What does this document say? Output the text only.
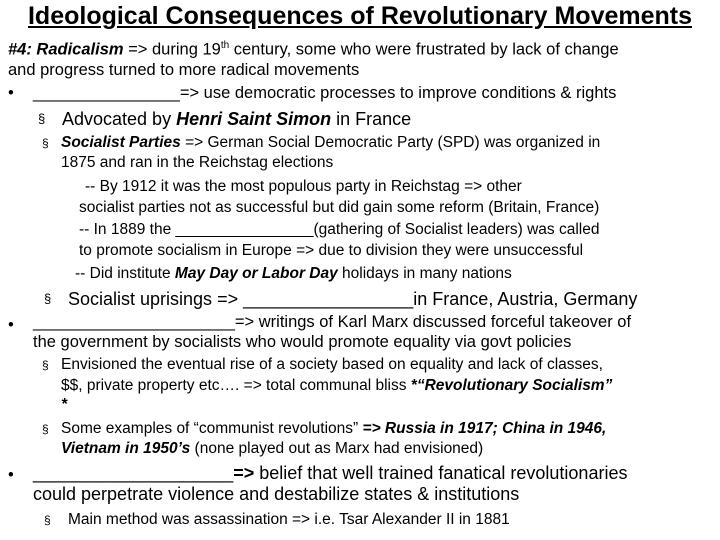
Ideological Consequences of Revolutionary Movements
#4: Radicalism => during 19th century, some who were frustrated by lack of change
and progress turned to more radical movements
• ________________=> use democratic processes to improve conditions & rights
§ Advocated by Henri Saint Simon in France
§ Socialist Parties => German Social Democratic Party (SPD) was organized in
1875 and ran in the Reichstag elections
-- By 1912 it was the most populous party in Reichstag => other
socialist parties not as successful but did gain some reform (Britain, France)
-- In 1889 the ________________(gathering of Socialist leaders) was called
to promote socialism in Europe => due to division they were unsuccessful
-- Did institute May Day or Labor Day holidays in many nations
§ Socialist uprisings => _________________in France, Austria, Germany
• ______________________=> writings of Karl Marx discussed forceful takeover of
the government by socialists who would promote equality via govt policies
§ Envisioned the eventual rise of a society based on equality and lack of classes,
$$, private property etc…. => total communal bliss *“Revolutionary Socialism”
*
§ Some examples of “communist revolutions” => Russia in 1917; China in 1946,
Vietnam in 1950’s (none played out as Marx had envisioned)
• ____________________=> belief that well trained fanatical revolutionaries
could perpetrate violence and destabilize states & institutions
§ Main method was assassination => i.e. Tsar Alexander II in 1881
